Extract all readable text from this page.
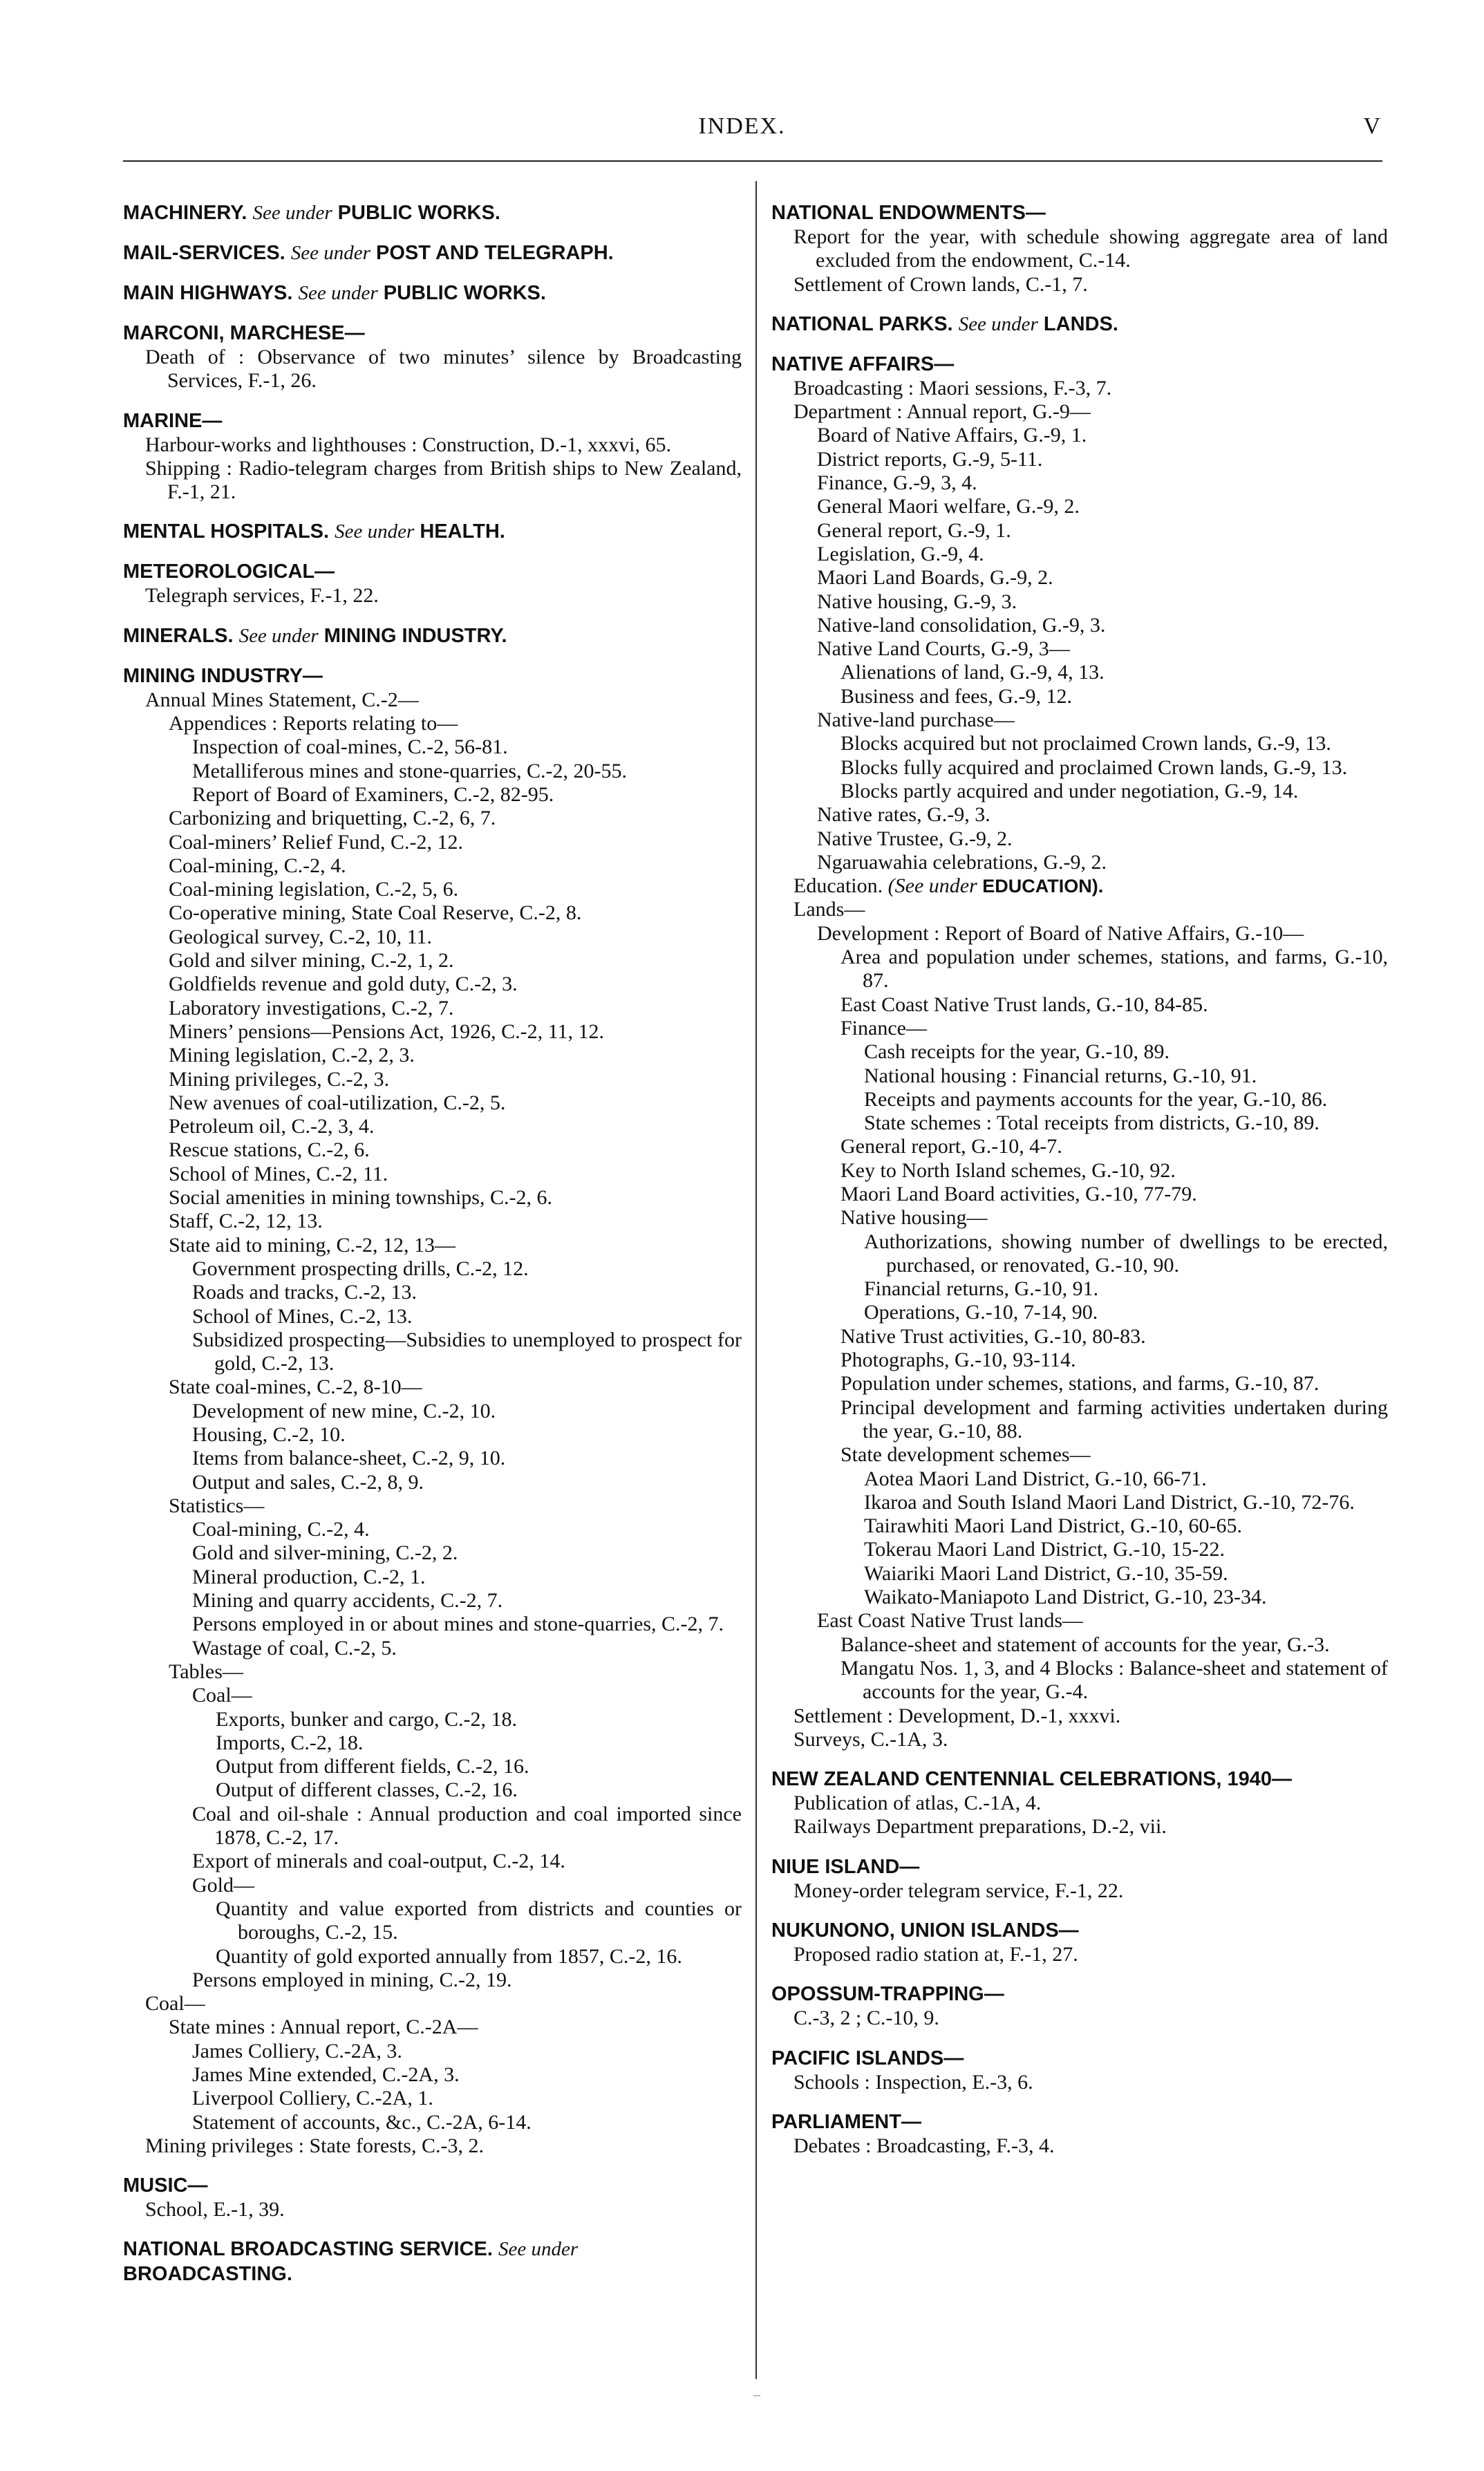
INDEX.	V
MACHINERY. See under PUBLIC WORKS.
MAIL-SERVICES. See under POST AND TELEGRAPH.
MAIN HIGHWAYS. See under PUBLIC WORKS.
MARCONI, MARCHESE—
Death of : Observance of two minutes’ silence by Broadcasting Services, F.-1, 26.
MARINE—
Harbour-works and lighthouses : Construction, D.-1, xxxvi, 65.
Shipping : Radio-telegram charges from British ships to New Zealand, F.-1, 21.
MENTAL HOSPITALS. See under HEALTH.
METEOROLOGICAL—
Telegraph services, F.-1, 22.
MINERALS. See under MINING INDUSTRY.
MINING INDUSTRY—
Annual Mines Statement, C.-2—
Appendices : Reports relating to—
Inspection of coal-mines, C.-2, 56-81.
Metalliferous mines and stone-quarries, C.-2, 20-55.
Report of Board of Examiners, C.-2, 82-95.
Carbonizing and briquetting, C.-2, 6, 7.
Coal-miners’ Relief Fund, C.-2, 12.
Coal-mining, C.-2, 4.
Coal-mining legislation, C.-2, 5, 6.
Co-operative mining, State Coal Reserve, C.-2, 8.
Geological survey, C.-2, 10, 11.
Gold and silver mining, C.-2, 1, 2.
Goldfields revenue and gold duty, C.-2, 3.
Laboratory investigations, C.-2, 7.
Miners’ pensions—Pensions Act, 1926, C.-2, 11, 12.
Mining legislation, C.-2, 2, 3.
Mining privileges, C.-2, 3.
New avenues of coal-utilization, C.-2, 5.
Petroleum oil, C.-2, 3, 4.
Rescue stations, C.-2, 6.
School of Mines, C.-2, 11.
Social amenities in mining townships, C.-2, 6.
Staff, C.-2, 12, 13.
State aid to mining, C.-2, 12, 13—
Government prospecting drills, C.-2, 12.
Roads and tracks, C.-2, 13.
School of Mines, C.-2, 13.
Subsidized prospecting—Subsidies to unemployed to prospect for gold, C.-2, 13.
State coal-mines, C.-2, 8-10—
Development of new mine, C.-2, 10.
Housing, C.-2, 10.
Items from balance-sheet, C.-2, 9, 10.
Output and sales, C.-2, 8, 9.
Statistics—
Coal-mining, C.-2, 4.
Gold and silver-mining, C.-2, 2.
Mineral production, C.-2, 1.
Mining and quarry accidents, C.-2, 7.
Persons employed in or about mines and stone-quarries, C.-2, 7.
Wastage of coal, C.-2, 5.
Tables—
Coal—
Exports, bunker and cargo, C.-2, 18.
Imports, C.-2, 18.
Output from different fields, C.-2, 16.
Output of different classes, C.-2, 16.
Coal and oil-shale : Annual production and coal imported since 1878, C.-2, 17.
Export of minerals and coal-output, C.-2, 14.
Gold—
Quantity and value exported from districts and counties or boroughs, C.-2, 15.
Quantity of gold exported annually from 1857, C.-2, 16.
Persons employed in mining, C.-2, 19.
Coal—
State mines : Annual report, C.-2A—
James Colliery, C.-2A, 3.
James Mine extended, C.-2A, 3.
Liverpool Colliery, C.-2A, 1.
Statement of accounts, &c., C.-2A, 6-14.
Mining privileges : State forests, C.-3, 2.
MUSIC—
School, E.-1, 39.
NATIONAL BROADCASTING SERVICE. See under BROADCASTING.
NATIONAL ENDOWMENTS—
Report for the year, with schedule showing aggregate area of land excluded from the endowment, C.-14.
Settlement of Crown lands, C.-1, 7.
NATIONAL PARKS. See under LANDS.
NATIVE AFFAIRS—
Broadcasting : Maori sessions, F.-3, 7.
Department : Annual report, G.-9—
Board of Native Affairs, G.-9, 1.
District reports, G.-9, 5-11.
Finance, G.-9, 3, 4.
General Maori welfare, G.-9, 2.
General report, G.-9, 1.
Legislation, G.-9, 4.
Maori Land Boards, G.-9, 2.
Native housing, G.-9, 3.
Native-land consolidation, G.-9, 3.
Native Land Courts, G.-9, 3—
Alienations of land, G.-9, 4, 13.
Business and fees, G.-9, 12.
Native-land purchase—
Blocks acquired but not proclaimed Crown lands, G.-9, 13.
Blocks fully acquired and proclaimed Crown lands, G.-9, 13.
Blocks partly acquired and under negotiation, G.-9, 14.
Native rates, G.-9, 3.
Native Trustee, G.-9, 2.
Ngaruawahia celebrations, G.-9, 2.
Education. (See under EDUCATION).
Lands—
Development : Report of Board of Native Affairs, G.-10—
Area and population under schemes, stations, and farms, G.-10, 87.
East Coast Native Trust lands, G.-10, 84-85.
Finance—
Cash receipts for the year, G.-10, 89.
National housing : Financial returns, G.-10, 91.
Receipts and payments accounts for the year, G.-10, 86.
State schemes : Total receipts from districts, G.-10, 89.
General report, G.-10, 4-7.
Key to North Island schemes, G.-10, 92.
Maori Land Board activities, G.-10, 77-79.
Native housing—
Authorizations, showing number of dwellings to be erected, purchased, or renovated, G.-10, 90.
Financial returns, G.-10, 91.
Operations, G.-10, 7-14, 90.
Native Trust activities, G.-10, 80-83.
Photographs, G.-10, 93-114.
Population under schemes, stations, and farms, G.-10, 87.
Principal development and farming activities undertaken during the year, G.-10, 88.
State development schemes—
Aotea Maori Land District, G.-10, 66-71.
Ikaroa and South Island Maori Land District, G.-10, 72-76.
Tairawhiti Maori Land District, G.-10, 60-65.
Tokerau Maori Land District, G.-10, 15-22.
Waiariki Maori Land District, G.-10, 35-59.
Waikato-Maniapoto Land District, G.-10, 23-34.
East Coast Native Trust lands—
Balance-sheet and statement of accounts for the year, G.-3.
Mangatu Nos. 1, 3, and 4 Blocks : Balance-sheet and statement of accounts for the year, G.-4.
Settlement : Development, D.-1, xxxvi.
Surveys, C.-1A, 3.
NEW ZEALAND CENTENNIAL CELEBRATIONS, 1940—
Publication of atlas, C.-1A, 4.
Railways Department preparations, D.-2, vii.
NIUE ISLAND—
Money-order telegram service, F.-1, 22.
NUKUNONO, UNION ISLANDS—
Proposed radio station at, F.-1, 27.
OPOSSUM-TRAPPING—
C.-3, 2 ; C.-10, 9.
PACIFIC ISLANDS—
Schools : Inspection, E.-3, 6.
PARLIAMENT—
Debates : Broadcasting, F.-3, 4.
